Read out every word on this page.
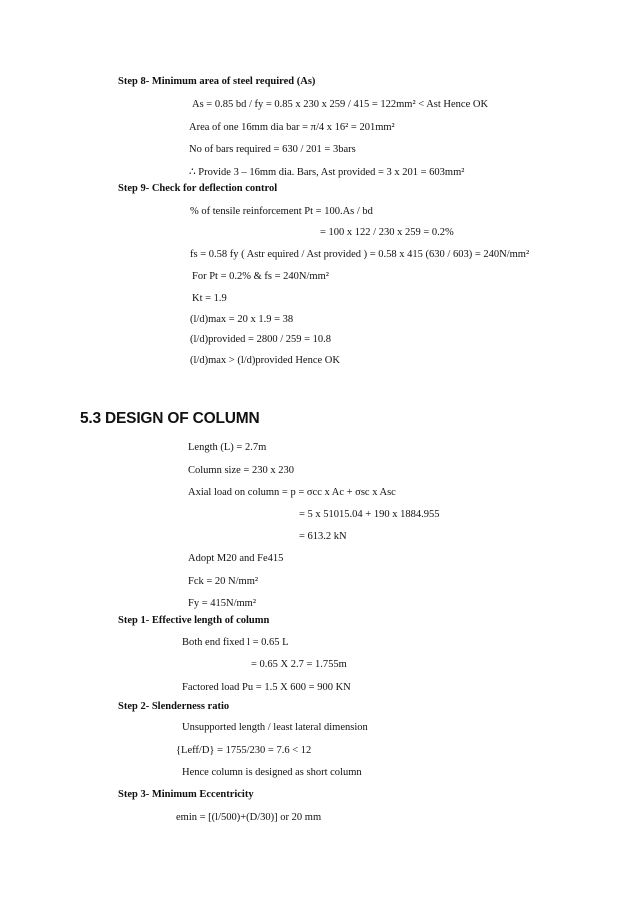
Step 8- Minimum area of steel required (As)
As = 0.85 bd / fy = 0.85 x 230 x 259 / 415 = 122mm² < Ast Hence OK
Area of one 16mm dia bar = π/4 x 16² = 201mm²
No of bars required = 630 / 201 = 3bars
∴ Provide 3 – 16mm dia. Bars, Ast provided = 3 x 201 = 603mm²
Step 9- Check for deflection control
% of tensile reinforcement Pt = 100.As / bd
= 100 x 122 / 230 x 259 = 0.2%
fs = 0.58 fy ( Astr equired / Ast provided ) = 0.58 x 415 (630 / 603) = 240N/mm²
For Pt = 0.2% & fs = 240N/mm²
Kt = 1.9
(l/d)max = 20 x 1.9 = 38
(l/d)provided = 2800 / 259 = 10.8
(l/d)max > (l/d)provided Hence OK
5.3 DESIGN OF COLUMN
Length (L) = 2.7m
Column size = 230 x 230
Axial load on column = p = σcc x Ac + σsc x Asc
= 5 x 51015.04 + 190 x 1884.955
= 613.2 kN
Adopt M20 and Fe415
Fck = 20 N/mm²
Fy = 415N/mm²
Step 1- Effective length of column
Both end fixed l = 0.65 L
= 0.65 X 2.7 = 1.755m
Factored load Pu = 1.5 X 600 = 900 KN
Step 2- Slenderness ratio
Unsupported length / least lateral dimension
{Leff/D} = 1755/230 = 7.6 < 12
Hence column is designed as short column
Step 3- Minimum Eccentricity
emin = [(l/500)+(D/30)] or 20 mm
